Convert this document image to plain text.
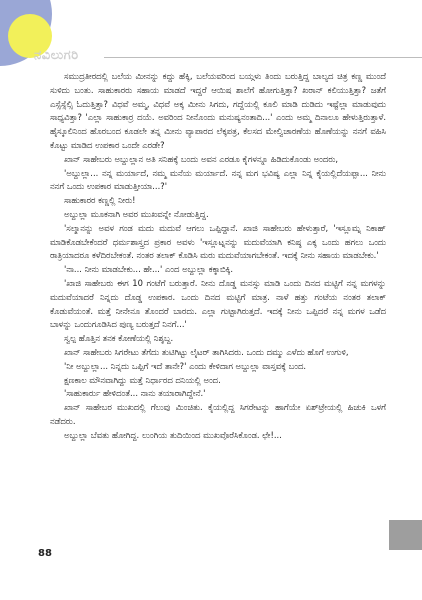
ನವಿಲುಗರಿ

ಸಮುದ್ರತೀರದಲ್ಲಿ ಬಲೆಯ ಮೀನನ್ನು ಕದ್ದು ಹೆಕ್ಕಿ, ಬಲೆಯವರಿಂದ ಬಯ್ಗಳು ತಿಂದು ಬರುತ್ತಿದ್ದ ಬಾಲ್ಯದ ಚಿತ್ರ ಕಣ್ಣ ಮುಂದೆ ಸುಳಿದು ಬಂತು. ಸಾಹುಕಾರರು ಸಹಾಯ ಮಾಡದೆ ಇದ್ದರೆ ಆಯಿಷ ಶಾಲೆಗೆ ಹೋಗುತ್ತಿತ್ತಾ? ಖರಾನ್ ಕಲಿಯುತ್ತಿತ್ತಾ? ಜತೆಗೆ ಎಸ್ಸೆಸ್ಸೆಲ್ಸಿ ಓದುತ್ತಿತ್ತಾ? ವಿಧವೆ ಅಮ್ಮ, ವಿಧವೆ ಅಕ್ಕ ಮೀನು ಸಿಗದು, ಗದ್ದೆಯಲ್ಲಿ ಕೂಲಿ ಮಾಡಿ ದುಡಿದು ಇಷ್ಟೆಲ್ಲಾ ಮಾಡುವುದು ಸಾಧ್ಯವಿತ್ತಾ? 'ಎಲ್ಲಾ ಸಾಹುಕಾರ್ರ ದಯೆ. ಅವರಿಂದ ನೀನೊಂದು ಮನುಷ್ಯನಂತಾದಿ...' ಎಂದು ಅಮ್ಮ ದಿನಾಲೂ ಹೇಳುತ್ತಿರುತ್ತಾಳೆ. ಹೈಸ್ಕೂಲಿನಿಂದ ಹೊರಬಂದ ಕೂಡಲೇ ತನ್ನ ಮೀನು ವ್ಯಾಪಾರದ ಲೆಕ್ಕಪತ್ರ, ಕೆಲಸದ ಮೇಲ್ವಿಚಾರಣೆಯ ಹೊಣೆಯನ್ನು ನನಗೆ ವಹಿಸಿ ಕೊಟ್ಟು ಮಾಡಿದ ಉಪಕಾರ ಒಂದೇ ಎರಡೇ?

ಖಾನ್ ಸಾಹೇಬರು ಅಬ್ದುಲ್ಲಾನ ಅತಿ ಸನಿಹಕ್ಕೆ ಬಂದು ಅವನ ಎರಡೂ ಕೈಗಳನ್ನೂ ಹಿಡಿದುಕೊಂಡು ಅಂದರು,

'ಅಬ್ದುಲ್ಲಾ... ನನ್ನ ಮರ್ಯಾದೆ, ನಮ್ಮ ಮನೆಯ ಮರ್ಯಾದೆ. ನನ್ನ ಮಗ ಭವಿಷ್ಯ ಎಲ್ಲಾ ನಿನ್ನ ಕೈಯಲ್ಲಿದೆಯಪ್ಪಾ... ನೀನು ನನಗೆ ಒಂದು ಉಪಕಾರ ಮಾಡುತ್ತೀಯಾ...?'

ಸಾಹುಕಾರರ ಕಣ್ಣಲ್ಲಿ ನೀರು!

ಅಬ್ದುಲ್ಲಾ ಮೂಕನಾಗಿ ಅವರ ಮುಖವನ್ನೇ ನೋಡುತ್ತಿದ್ದ.

'ಸಲ್ಮಾನನ್ನು ಅವಳ ಗಂಡ ಮದು ಮದುವೆ ಆಗಲು ಒಪ್ಪಿದ್ದಾನೆ. ಖಾಜಿ ಸಾಹೇಬರು ಹೇಳುತ್ತಾರೆ, 'ಇಸ್ಲೂಮ್ನ ನಿಕಾಹ್ ಮಾಡಿಕೊಡಬೇಕೆಂದರೆ ಧರ್ಮಶಾಸ್ತ್ರದ ಪ್ರಕಾರ ಅವಳು 'ಇಸ್ಲೂಟ್ನನನ್ನು ಮದುವೆಯಾಗಿ ಕನಿಷ್ಠ ಎಕ್ಕ ಒಂದು ಹಗಲು ಒಂದು ರಾತ್ರಿಯಾದರೂ ಕಳೆದಿರಬೇಕಂತೆ. ನಂತರ ತಲಾಕ್ ಕೊಡಿಸಿ ಮರು ಮದುವೆಯಾಗಬೇಕಂತೆ. ಇದಕ್ಕೆ ನೀನು ಸಹಾಯ ಮಾಡಬೇಕು.'

'ನಾ... ನೀನು ಮಾಡಬೇಕು... ಹೇ...' ಎಂದ ಅಬ್ದುಲ್ಲಾ ಕಕ್ಕಾಬಿಕ್ಕಿ.

'ಖಾಜಿ ಸಾಹೇಬರು ಈಗ 10 ಗಂಟೆಗೆ ಬರುತ್ತಾರೆ. ನೀನು ದೊಡ್ಡ ಮನಸ್ಸು ಮಾಡಿ ಒಂದು ದಿನದ ಮಟ್ಟಿಗೆ ನನ್ನ ಮಗಳನ್ನು ಮದುವೆಯಾದರೆ ನಿನ್ನದು ದೊಡ್ಡ ಉಪಕಾರ. ಒಂದು ದಿನದ ಮಟ್ಟಿಗೆ ಮಾತ್ರ. ನಾಳೆ ಹತ್ತು ಗಂಟೆಯ ನಂತರ ತಲಾಕ್ ಕೊಡುವೆಯಂತೆ. ಮತ್ತೆ ನೀನೇನೂ ತೊಂದರೆ ಬಾರದು. ಎಲ್ಲಾ ಗುಟ್ಟಾಗಿರುತ್ತದೆ. ಇದಕ್ಕೆ ನೀನು ಒಪ್ಪಿದರೆ ನನ್ನ ಮಗಳ ಒಡೆದ ಬಾಳನ್ನು ಒಂದುಗೂಡಿಸಿದ ಪುಣ್ಯ ಬರುತ್ತದೆ ನಿನಗೆ...'

ಸ್ವಲ್ಪ ಹೊತ್ತಿನ ತನಕ ಕೋಣೆಯಲ್ಲಿ ನಿಶ್ಶಬ್ದ.

ಖಾನ್ ಸಾಹೇಬರು ಸಿಗರೇಟು ತೆಗೆದು ತುಟಿಗಿಟ್ಟು ಲೈಟರ್ ತಾಗಿಸಿದರು. ಒಂದು ದಮ್ಮು ಎಳೆದು ಹೊಗೆ ಉಗುಳಿ,

'ನೀ ಅಬ್ದುಲ್ಲಾ... ನಿನ್ನದು ಒಪ್ಪಿಗೆ ಇದೆ ತಾನೇ?' ಎಂದು ಕೇಳಿದಾಗ ಅಬ್ದುಲ್ಲಾ ವಾಸ್ತವಕ್ಕೆ ಬಂದ.

ಕ್ಷಣಕಾಲ ಮೌನವಾಗಿದ್ದು ಮತ್ತೆ ನಿರ್ಧಾರದ ದನಿಯಲ್ಲಿ ಅಂದ.

'ಸಾಹುಕಾರ್ರು ಹೇಳಿದಂತೆ... ನಾನು ತಯಾರಾಗಿದ್ದೇನೆ.'

ಖಾನ್ ಸಾಹೇಬರ ಮುಖದಲ್ಲಿ ಗೆಲುವು ಮಿಂಚಿತು. ಕೈಯಲ್ಲಿದ್ದ ಸಿಗರೇಟನ್ನು ಹಾಗೆಯೇ ಏಶ್‌ಟ್ರೇಯಲ್ಲಿ ಹಿಚುಕಿ ಒಳಗೆ ನಡೆದರು.

ಅಬ್ದುಲ್ಲಾ ಬೆವತು ಹೋಗಿದ್ದ. ಲುಂಗಿಯ ತುದಿಯಿಂದ ಮುಖವೊರೆಸಿಕೊಂಡ. ಛೇ!...

88
